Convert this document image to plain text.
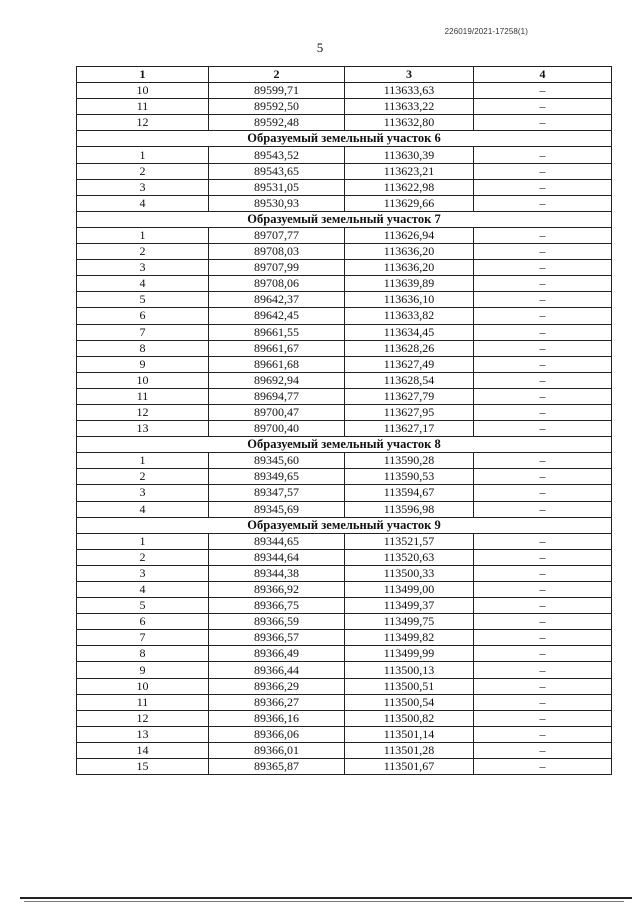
226019/2021-17258(1)
5
1	2	3	4
10	89599,71	113633,63	–
11	89592,50	113633,22	–
12	89592,48	113632,80	–
Образуемый земельный участок 6			
1	89543,52	113630,39	–
2	89543,65	113623,21	–
3	89531,05	113622,98	–
4	89530,93	113629,66	–
Образуемый земельный участок 7			
1	89707,77	113626,94	–
2	89708,03	113636,20	–
3	89707,99	113636,20	–
4	89708,06	113639,89	–
5	89642,37	113636,10	–
6	89642,45	113633,82	–
7	89661,55	113634,45	–
8	89661,67	113628,26	–
9	89661,68	113627,49	–
10	89692,94	113628,54	–
11	89694,77	113627,79	–
12	89700,47	113627,95	–
13	89700,40	113627,17	–
Образуемый земельный участок 8			
1	89345,60	113590,28	–
2	89349,65	113590,53	–
3	89347,57	113594,67	–
4	89345,69	113596,98	–
Образуемый земельный участок 9			
1	89344,65	113521,57	–
2	89344,64	113520,63	–
3	89344,38	113500,33	–
4	89366,92	113499,00	–
5	89366,75	113499,37	–
6	89366,59	113499,75	–
7	89366,57	113499,82	–
8	89366,49	113499,99	–
9	89366,44	113500,13	–
10	89366,29	113500,51	–
11	89366,27	113500,54	–
12	89366,16	113500,82	–
13	89366,06	113501,14	–
14	89366,01	113501,28	–
15	89365,87	113501,67	–
